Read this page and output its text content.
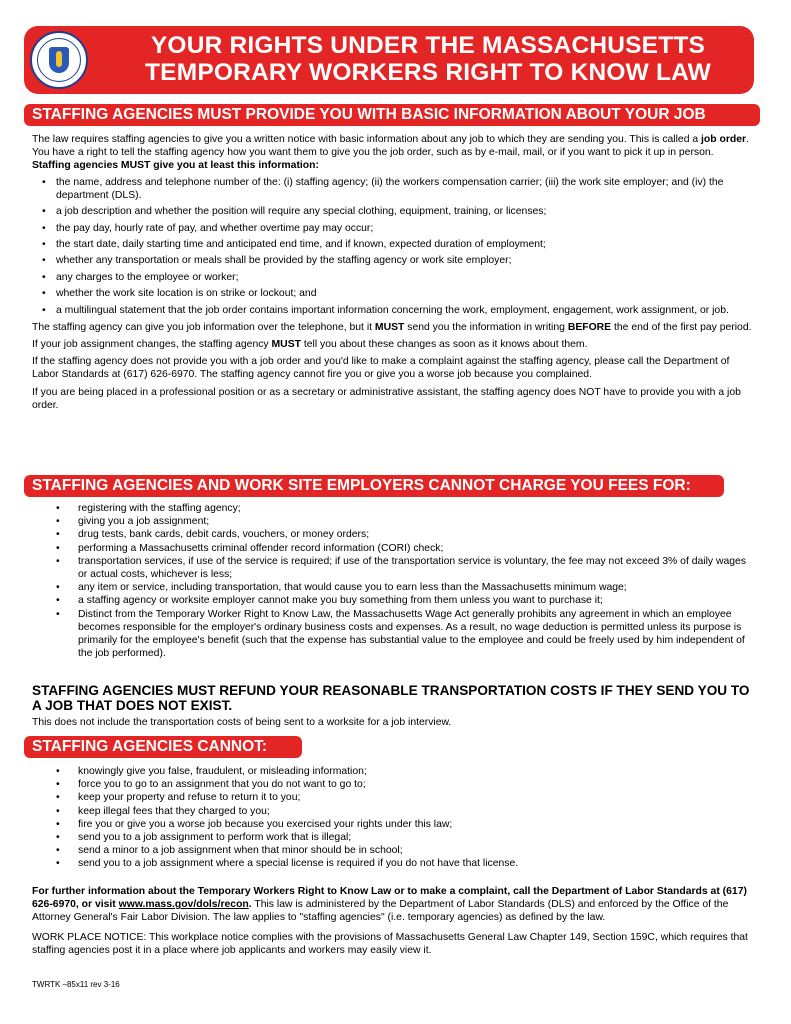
YOUR RIGHTS UNDER THE MASSACHUSETTS
TEMPORARY WORKERS RIGHT TO KNOW LAW
STAFFING AGENCIES MUST PROVIDE YOU WITH BASIC INFORMATION ABOUT YOUR JOB

The law requires staffing agencies to give you a written notice with basic information about any job to which they are sending you. This is called a job order. You have a right to tell the staffing agency how you want them to give you the job order, such as by e-mail, mail, or if you want to pick it up in person. Staffing agencies MUST give you at least this information:

• the name, address and telephone number of the: (i) staffing agency; (ii) the workers compensation carrier; (iii) the work site employer; and (iv) the department (DLS).
• a job description and whether the position will require any special clothing, equipment, training, or licenses;
• the pay day, hourly rate of pay, and whether overtime pay may occur;
• the start date, daily starting time and anticipated end time, and if known, expected duration of employment;
• whether any transportation or meals shall be provided by the staffing agency or work site employer;
• any charges to the employee or worker;
• whether the work site location is on strike or lockout; and
• a multilingual statement that the job order contains important information concerning the work, employment, engagement, work assignment, or job.

The staffing agency can give you job information over the telephone, but it MUST send you the information in writing BEFORE the end of the first pay period.

If your job assignment changes, the staffing agency MUST tell you about these changes as soon as it knows about them.

If the staffing agency does not provide you with a job order and you'd like to make a complaint against the staffing agency, please call the Department of Labor Standards at (617) 626-6970. The staffing agency cannot fire you or give you a worse job because you complained.

If you are being placed in a professional position or as a secretary or administrative assistant, the staffing agency does NOT have to provide you with a job order.

STAFFING AGENCIES AND WORK SITE EMPLOYERS CANNOT CHARGE YOU FEES FOR:
• registering with the staffing agency;
• giving you a job assignment;
• drug tests, bank cards, debit cards, vouchers, or money orders;
• performing a Massachusetts criminal offender record information (CORI) check;
• transportation services, if use of the service is required; if use of the transportation service is voluntary, the fee may not exceed 3% of daily wages or actual costs, whichever is less;
• any item or service, including transportation, that would cause you to earn less than the Massachusetts minimum wage;
• a staffing agency or worksite employer cannot make you buy something from them unless you want to purchase it;
• Distinct from the Temporary Worker Right to Know Law, the Massachusetts Wage Act generally prohibits any agreement in which an employee becomes responsible for the employer's ordinary business costs and expenses. As a result, no wage deduction is permitted unless its purpose is primarily for the employee's benefit (such that the expense has substantial value to the employee and could be freely used by him independent of the job performed).
STAFFING AGENCIES MUST REFUND YOUR REASONABLE TRANSPORTATION COSTS IF THEY SEND YOU TO A JOB THAT DOES NOT EXIST.
This does not include the transportation costs of being sent to a worksite for a job interview.
STAFFING AGENCIES CANNOT:
• knowingly give you false, fraudulent, or misleading information;
• force you to go to an assignment that you do not want to go to;
• keep your property and refuse to return it to you;
• keep illegal fees that they charged to you;
• fire you or give you a worse job because you exercised your rights under this law;
• send you to a job assignment to perform work that is illegal;
• send a minor to a job assignment when that minor should be in school;
• send you to a job assignment where a special license is required if you do not have that license.

For further information about the Temporary Workers Right to Know Law or to make a complaint, call the Department of Labor Standards at (617) 626-6970, or visit www.mass.gov/dols/recon. This law is administered by the Department of Labor Standards (DLS) and enforced by the Office of the Attorney General's Fair Labor Division. The law applies to "staffing agencies" (i.e. temporary agencies) as defined by the law.

WORK PLACE NOTICE: This workplace notice complies with the provisions of Massachusetts General Law Chapter 149, Section 159C, which requires that staffing agencies post it in a place where job applicants and workers may easily view it.

TWRTK –85x11 rev 3-16
